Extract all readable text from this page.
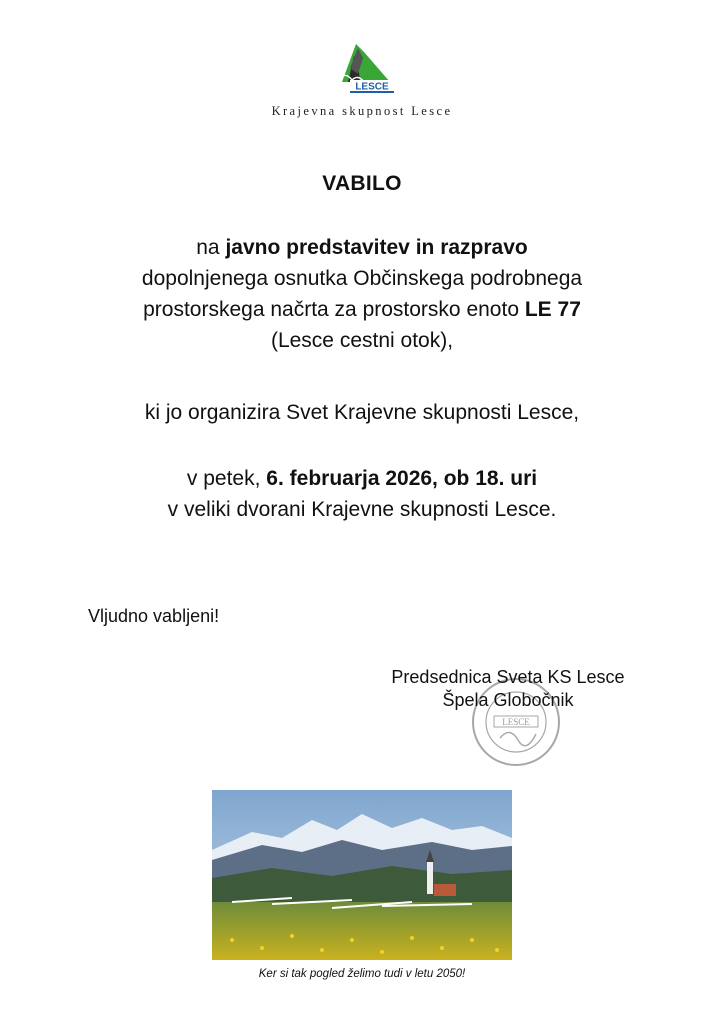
LESCE
Krajevna skupnost Lesce
VABILO
na javno predstavitev in razpravo
dopolnjenega osnutka Občinskega podrobnega
prostorskega načrta za prostorsko enoto LE 77
(Lesce cestni otok),
ki jo organizira Svet Krajevne skupnosti Lesce,
v petek, 6. februarja 2026, ob 18. uri
v veliki dvorani Krajevne skupnosti Lesce.
Vljudno vabljeni!
LESCE
Predsednica Sveta KS Lesce
Špela Globočnik
Ker si tak pogled želimo tudi v letu 2050!
